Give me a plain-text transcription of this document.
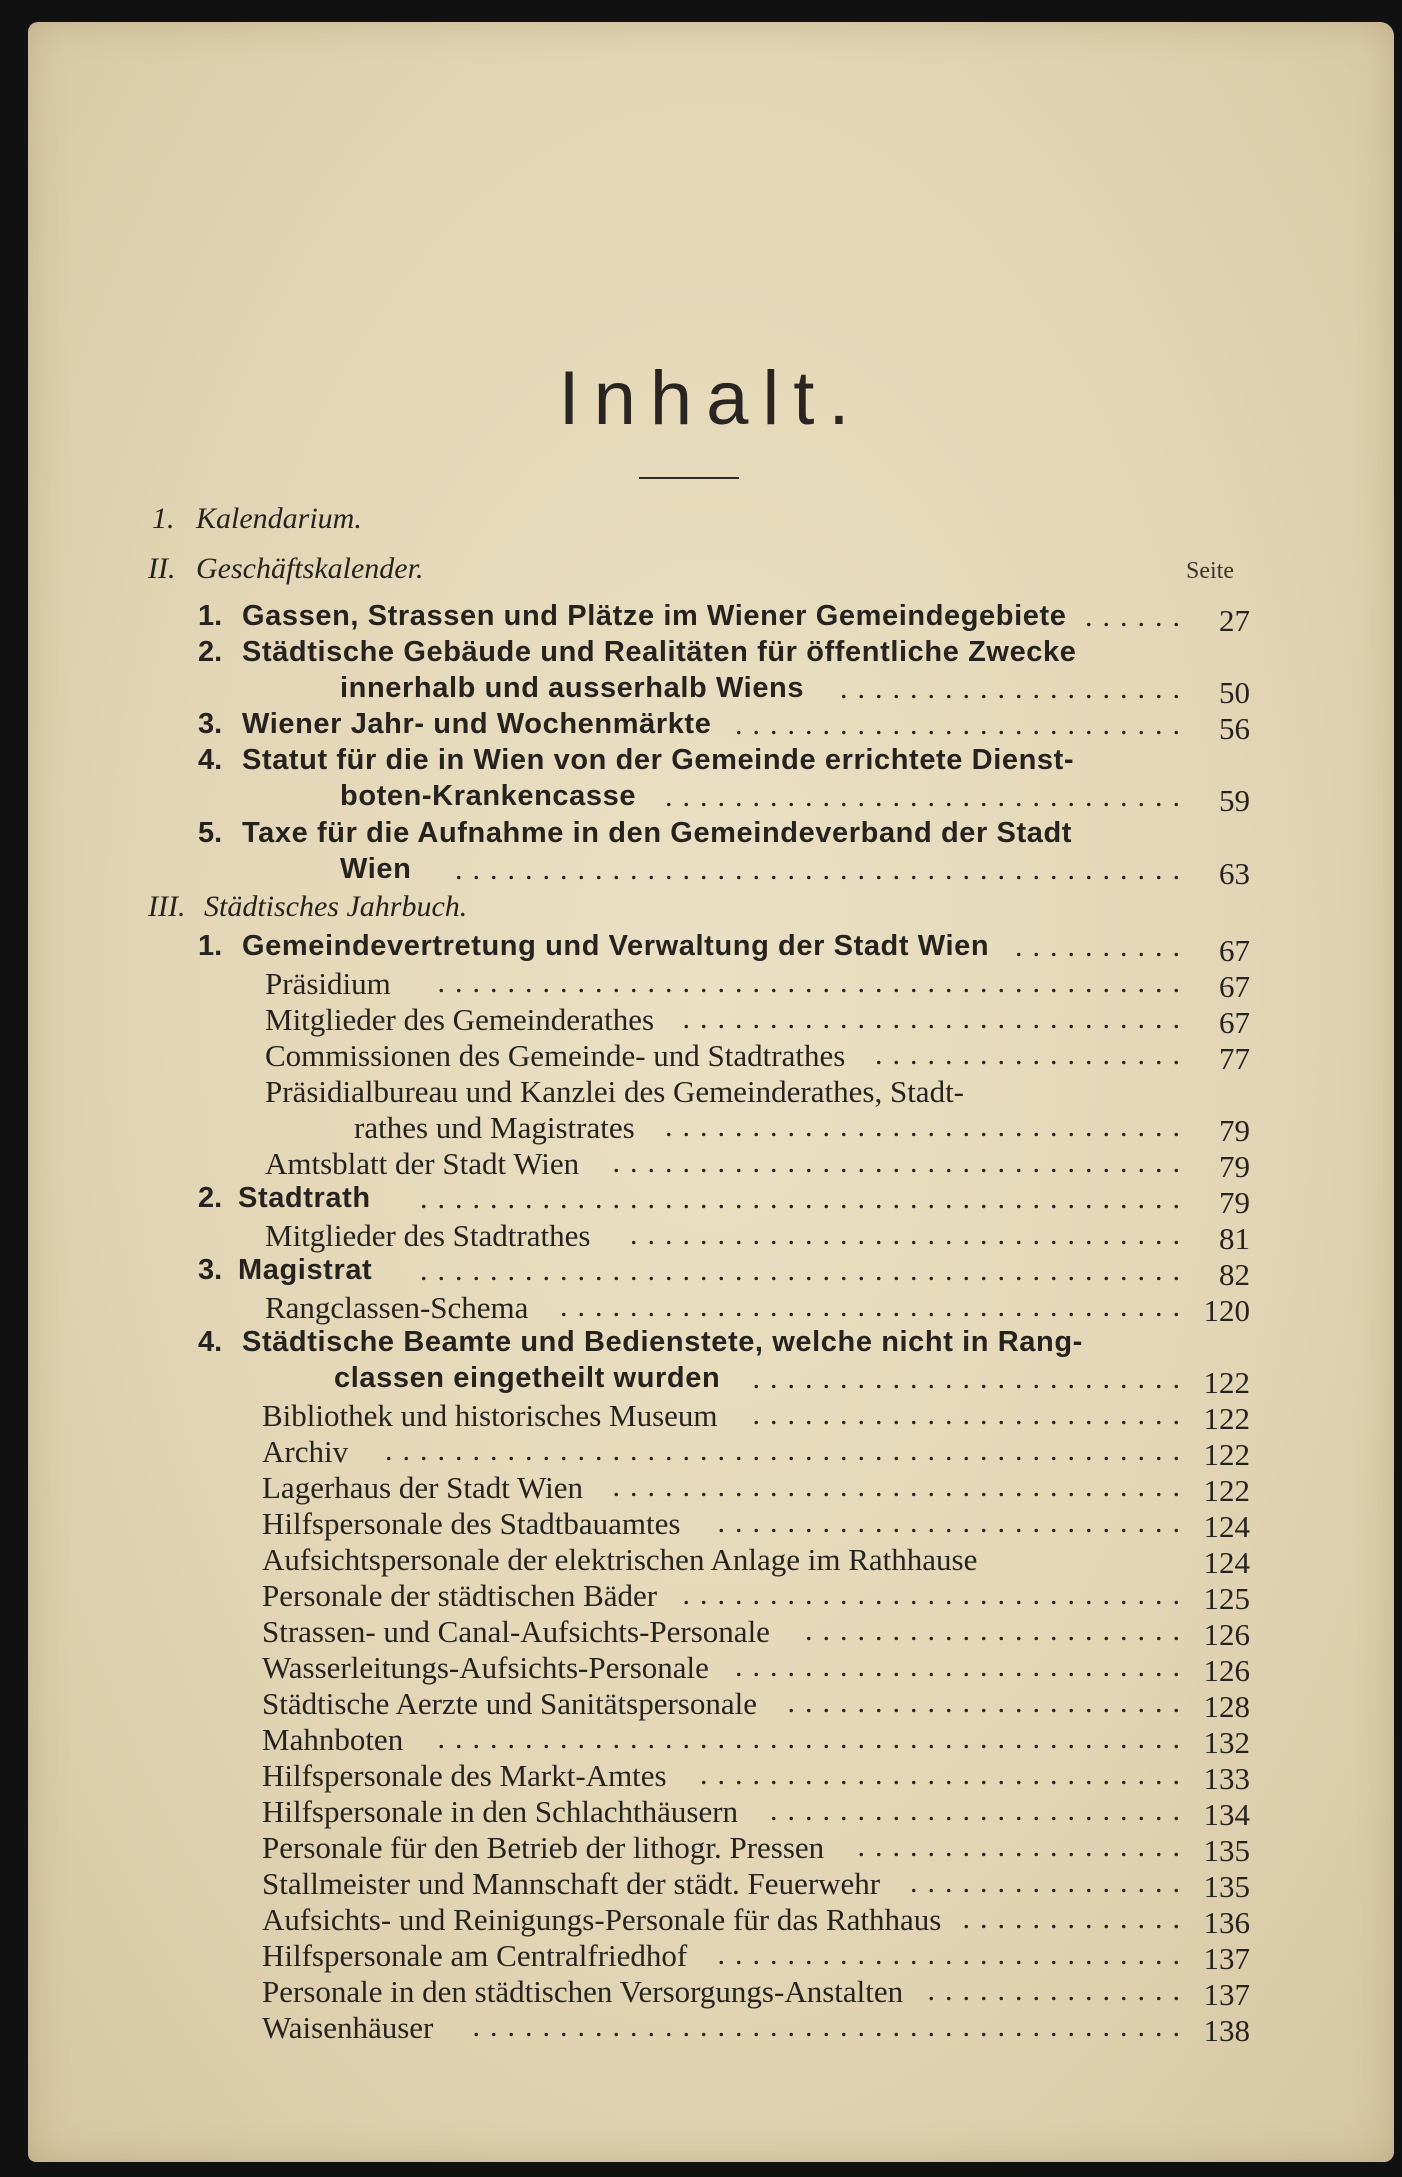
Inhalt.
Seite
1. Kalendarium.
II. Geschäftskalender.
1. Gassen, Strassen und Plätze im Wiener Gemeindegebiete	27
......
2. Städtische Gebäude und Realitäten für öffentliche Zwecke
innerhalb und ausserhalb Wiens	50
....................
3. Wiener Jahr- und Wochenmärkte	56
..........................
4. Statut für die in Wien von der Gemeinde errichtete Dienst-
boten-Krankencasse	59
..............................
5. Taxe für die Aufnahme in den Gemeindeverband der Stadt
Wien	63
..........................................
III. Städtisches Jahrbuch.
1. Gemeindevertretung und Verwaltung der Stadt Wien	67
..........
Präsidium	67
...........................................
Mitglieder des Gemeinderathes	67
.............................
Commissionen des Gemeinde- und Stadtrathes	77
..................
Präsidialbureau und Kanzlei des Gemeinderathes, Stadt-
rathes und Magistrates	79
..............................
Amtsblatt der Stadt Wien	79
.................................
2. Stadtrath	79
............................................
Mitglieder des Stadtrathes	81
................................
3. Magistrat	82
............................................
Rangclassen-Schema	120
....................................
4. Städtische Beamte und Bedienstete, welche nicht in Rang-
classen eingetheilt wurden	122
.........................
Bibliothek und historisches Museum	122
.........................
Archiv	122
..............................................
Lagerhaus der Stadt Wien	122
.................................
Hilfspersonale des Stadtbauamtes	124
...........................
Aufsichtspersonale der elektrischen Anlage im Rathhause	124
Personale der städtischen Bäder	125
.............................
Strassen- und Canal-Aufsichts-Personale	126
......................
Wasserleitungs-Aufsichts-Personale	126
..........................
Städtische Aerzte und Sanitätspersonale	128
.......................
Mahnboten	132
...........................................
Hilfspersonale des Markt-Amtes	133
............................
Hilfspersonale in den Schlachthäusern	134
........................
Personale für den Betrieb der lithogr. Pressen	135
...................
Stallmeister und Mannschaft der städt. Feuerwehr	135
................
Aufsichts- und Reinigungs-Personale für das Rathhaus	136
.............
Hilfspersonale am Centralfriedhof	137
...........................
Personale in den städtischen Versorgungs-Anstalten	137
...............
Waisenhäuser	138
.........................................
